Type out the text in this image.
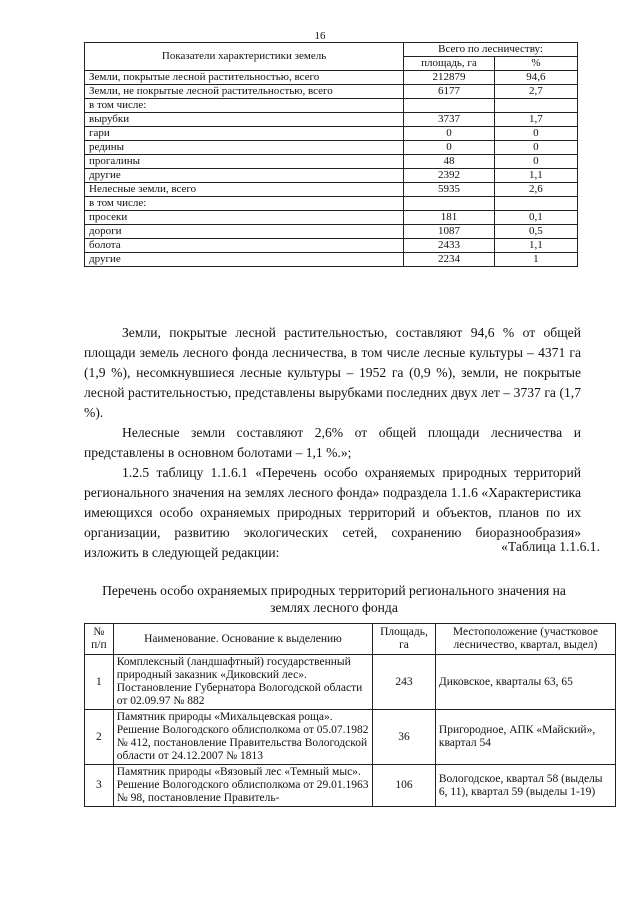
16
Показатели характеристики земель	Всего по лесничеству:	
	площадь, га	%
Земли, покрытые лесной растительностью, всего	212879	94,6
Земли, не покрытые лесной растительностью, всего	6177	2,7
в том числе:		
вырубки	3737	1,7
гари	0	0
редины	0	0
прогалины	48	0
другие	2392	1,1
Нелесные земли, всего	5935	2,6
в том числе:		
просеки	181	0,1
дороги	1087	0,5
болота	2433	1,1
другие	2234	1

Земли, покрытые лесной растительностью, составляют 94,6 % от общей площади земель лесного фонда лесничества, в том числе лесные культуры – 4371 га (1,9 %), несомкнувшиеся лесные культуры – 1952 га (0,9 %), земли, не покрытые лесной растительностью, представлены вырубками последних двух лет – 3737 га (1,7 %).

Нелесные земли составляют 2,6% от общей площади лесничества и представлены в основном болотами – 1,1 %.»;

1.2.5 таблицу 1.1.6.1 «Перечень особо охраняемых природных территорий регионального значения на землях лесного фонда» подраздела 1.1.6 «Характеристика имеющихся особо охраняемых природных территорий и объектов, планов по их организации, развитию экологических сетей, сохранению биоразнообразия» изложить в следующей редакции:	«Таблица 1.1.6.1.
Перечень особо охраняемых природных территорий регионального значения на землях лесного фонда
№ п/п	Наименование. Основание к выделению	Площадь, га	Местоположение (участковое лесничество, квартал, выдел)
1	Комплексный (ландшафтный) государственный природный заказник «Диковский лес». Постановление Губернатора Вологодской области от 02.09.97 № 882	243	Диковское, кварталы 63, 65
2	Памятник природы «Михальцевская роща». Решение Вологодского облисполкома от 05.07.1982 № 412, постановление Правительства Вологодской области от 24.12.2007 № 1813	36	Пригородное, АПК «Майский», квартал 54
3	Памятник природы «Вязовый лес «Темный мыс». Решение Вологодского облисполкома от 29.01.1963 № 98, постановление Правитель-	106	Вологодское, квартал 58 (выделы 6, 11), квартал 59 (выделы 1-19)
